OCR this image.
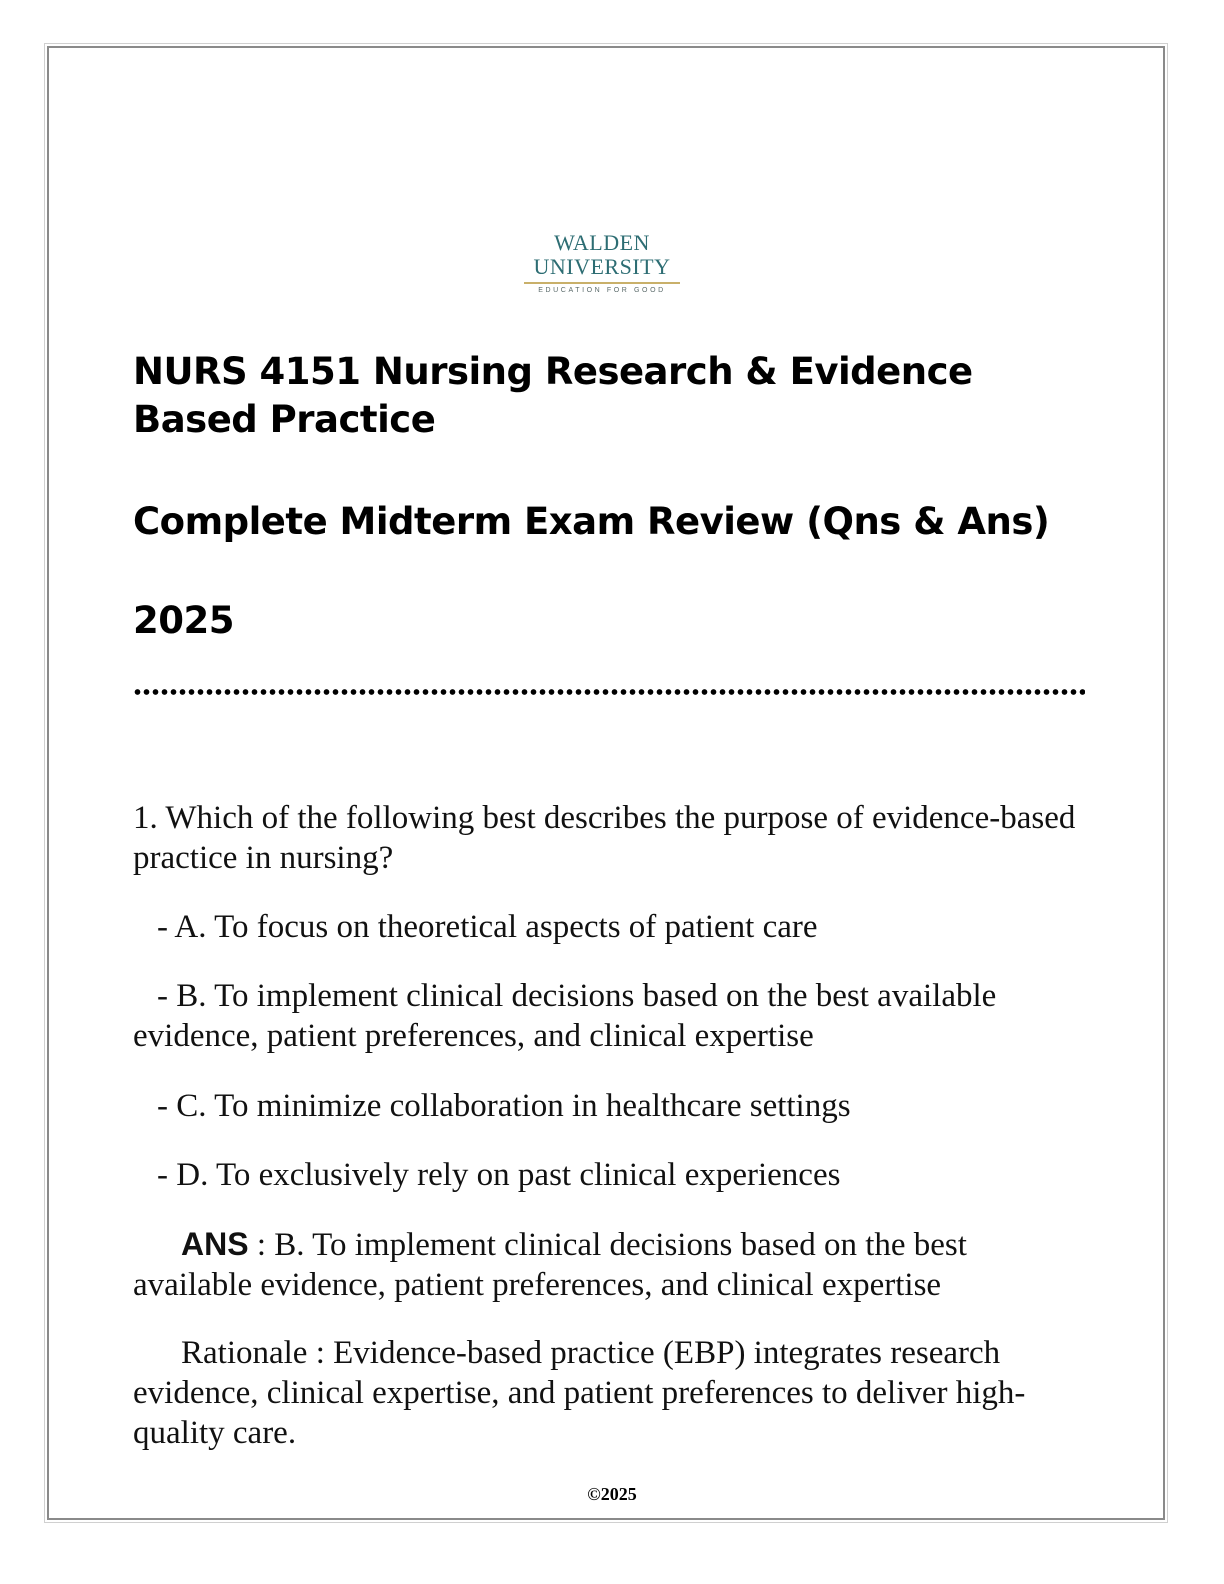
WALDEN
UNIVERSITY
EDUCATION FOR GOOD
NURS 4151 Nursing Research & Evidence Based Practice
Complete Midterm Exam Review (Qns & Ans)
2025
1. Which of the following best describes the purpose of evidence-based practice in nursing?
- A. To focus on theoretical aspects of patient care
- B. To implement clinical decisions based on the best available evidence, patient preferences, and clinical expertise
- C. To minimize collaboration in healthcare settings
- D. To exclusively rely on past clinical experiences
ANS : B. To implement clinical decisions based on the best available evidence, patient preferences, and clinical expertise
Rationale : Evidence-based practice (EBP) integrates research evidence, clinical expertise, and patient preferences to deliver high-quality care.
©2025
